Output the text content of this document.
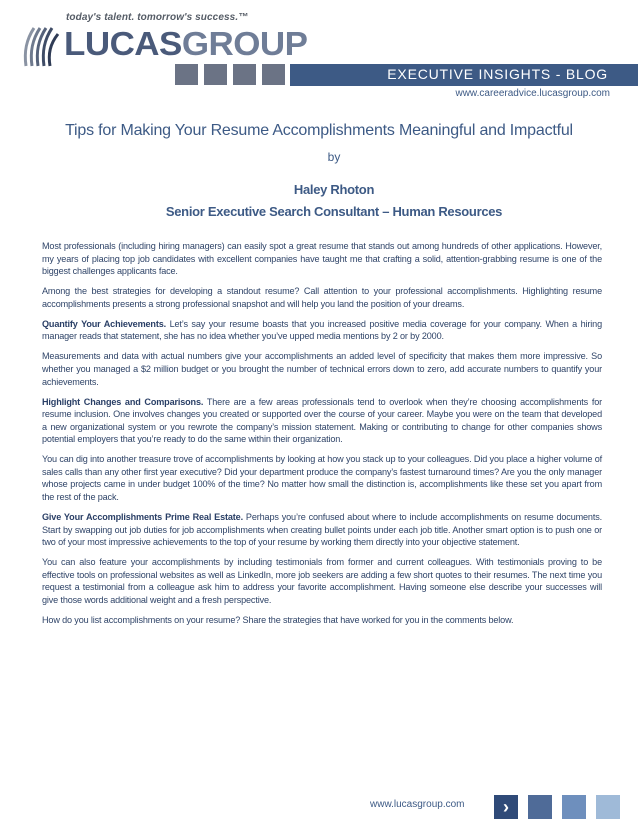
today's talent. tomorrow's success.™
LUCASGROUP
EXECUTIVE INSIGHTS - BLOG
www.careeradvice.lucasgroup.com
Tips for Making Your Resume Accomplishments Meaningful and Impactful
by
Haley Rhoton
Senior Executive Search Consultant – Human Resources

Most professionals (including hiring managers) can easily spot a great resume that stands out among hundreds of other applications. However, my years of placing top job candidates with excellent companies have taught me that crafting a solid, attention-grabbing resume is one of the biggest challenges applicants face.

Among the best strategies for developing a standout resume? Call attention to your professional accomplishments. Highlighting resume accomplishments presents a strong professional snapshot and will help you land the position of your dreams.

Quantify Your Achievements. Let’s say your resume boasts that you increased positive media coverage for your company. When a hiring manager reads that statement, she has no idea whether you’ve upped media mentions by 2 or by 2000.

Measurements and data with actual numbers give your accomplishments an added level of specificity that makes them more impressive. So whether you managed a $2 million budget or you brought the number of technical errors down to zero, add accurate numbers to quantify your achievements.

Highlight Changes and Comparisons. There are a few areas professionals tend to overlook when they’re choosing accomplishments for resume inclusion. One involves changes you created or supported over the course of your career. Maybe you were on the team that developed a new organizational system or you rewrote the company’s mission statement. Making or contributing to change for other companies shows potential employers that you’re ready to do the same within their organization.

You can dig into another treasure trove of accomplishments by looking at how you stack up to your colleagues. Did you place a higher volume of sales calls than any other first year executive? Did your department produce the company’s fastest turnaround times? Are you the only manager whose projects came in under budget 100% of the time? No matter how small the distinction is, accomplishments like these set you apart from the rest of the pack.

Give Your Accomplishments Prime Real Estate. Perhaps you’re confused about where to include accomplishments on resume documents. Start by swapping out job duties for job accomplishments when creating bullet points under each job title. Another smart option is to push one or two of your most impressive achievements to the top of your resume by working them directly into your objective statement.

You can also feature your accomplishments by including testimonials from former and current colleagues. With testimonials proving to be effective tools on professional websites as well as LinkedIn, more job seekers are adding a few short quotes to their resumes. The next time you request a testimonial from a colleague ask him to address your favorite accomplishment. Having someone else describe your successes will give those words additional weight and a fresh perspective.

How do you list accomplishments on your resume? Share the strategies that have worked for you in the comments below.

www.lucasgroup.com	›
